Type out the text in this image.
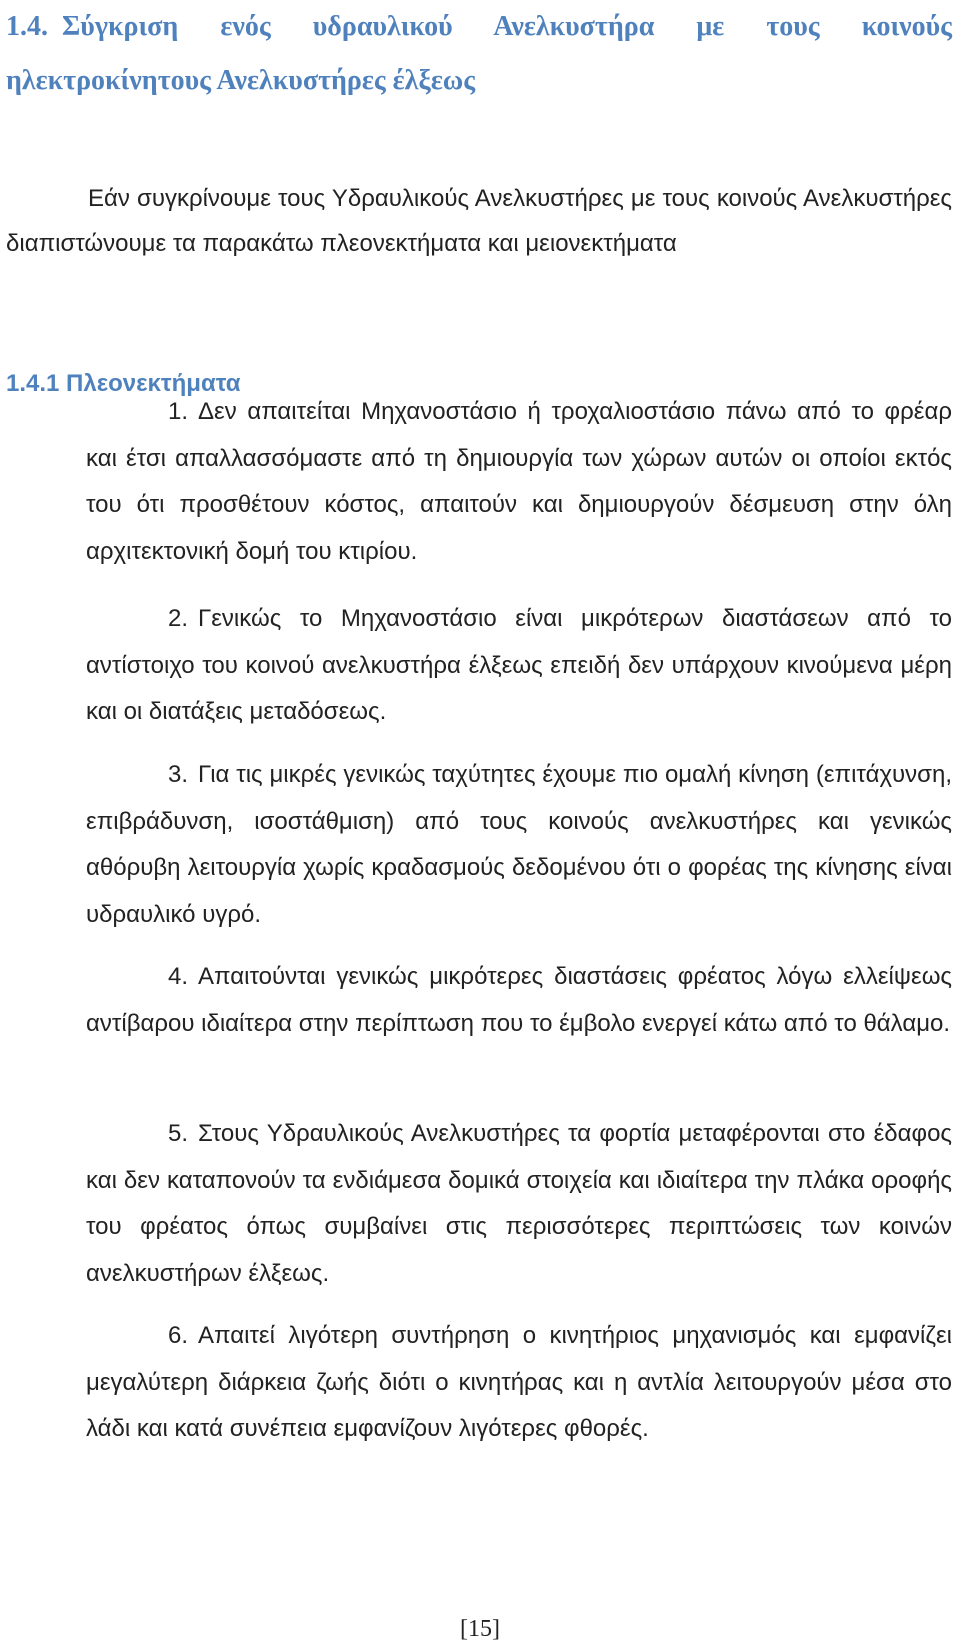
1.4. Σύγκριση ενός υδραυλικού Ανελκυστήρα με τους κοινούς ηλεκτροκίνητους Ανελκυστήρες έλξεως

Εάν συγκρίνουμε τους Υδραυλικούς Ανελκυστήρες με τους κοινούς Ανελκυστήρες διαπιστώνουμε τα παρακάτω πλεονεκτήματα και μειονεκτήματα

1.4.1 Πλεονεκτήματα

1. Δεν απαιτείται Μηχανοστάσιο ή τροχαλιοστάσιο πάνω από το φρέαρ και έτσι απαλλασσόμαστε από τη δημιουργία των χώρων αυτών οι οποίοι εκτός του ότι προσθέτουν κόστος, απαιτούν και δημιουργούν δέσμευση στην όλη αρχιτεκτονική δομή του κτιρίου.

2. Γενικώς το Μηχανοστάσιο είναι μικρότερων διαστάσεων από το αντίστοιχο του κοινού ανελκυστήρα έλξεως επειδή δεν υπάρχουν κινούμενα μέρη και οι διατάξεις μεταδόσεως.

3. Για τις μικρές γενικώς ταχύτητες έχουμε πιο ομαλή κίνηση (επιτάχυνση, επιβράδυνση, ισοστάθμιση) από τους κοινούς ανελκυστήρες και γενικώς αθόρυβη λειτουργία χωρίς κραδασμούς δεδομένου ότι ο φορέας της κίνησης είναι υδραυλικό υγρό.

4. Απαιτούνται γενικώς μικρότερες διαστάσεις φρέατος λόγω ελλείψεως αντίβαρου ιδιαίτερα στην περίπτωση που το έμβολο ενεργεί κάτω από το θάλαμο.

5. Στους Υδραυλικούς Ανελκυστήρες τα φορτία μεταφέρονται στο έδαφος και δεν καταπονούν τα ενδιάμεσα δομικά στοιχεία και ιδιαίτερα την πλάκα οροφής του φρέατος όπως συμβαίνει στις περισσότερες περιπτώσεις των κοινών ανελκυστήρων έλξεως.

6. Απαιτεί λιγότερη συντήρηση ο κινητήριος μηχανισμός και εμφανίζει μεγαλύτερη διάρκεια ζωής διότι ο κινητήρας και η αντλία λειτουργούν μέσα στο λάδι και κατά συνέπεια εμφανίζουν λιγότερες φθορές.

[15]
